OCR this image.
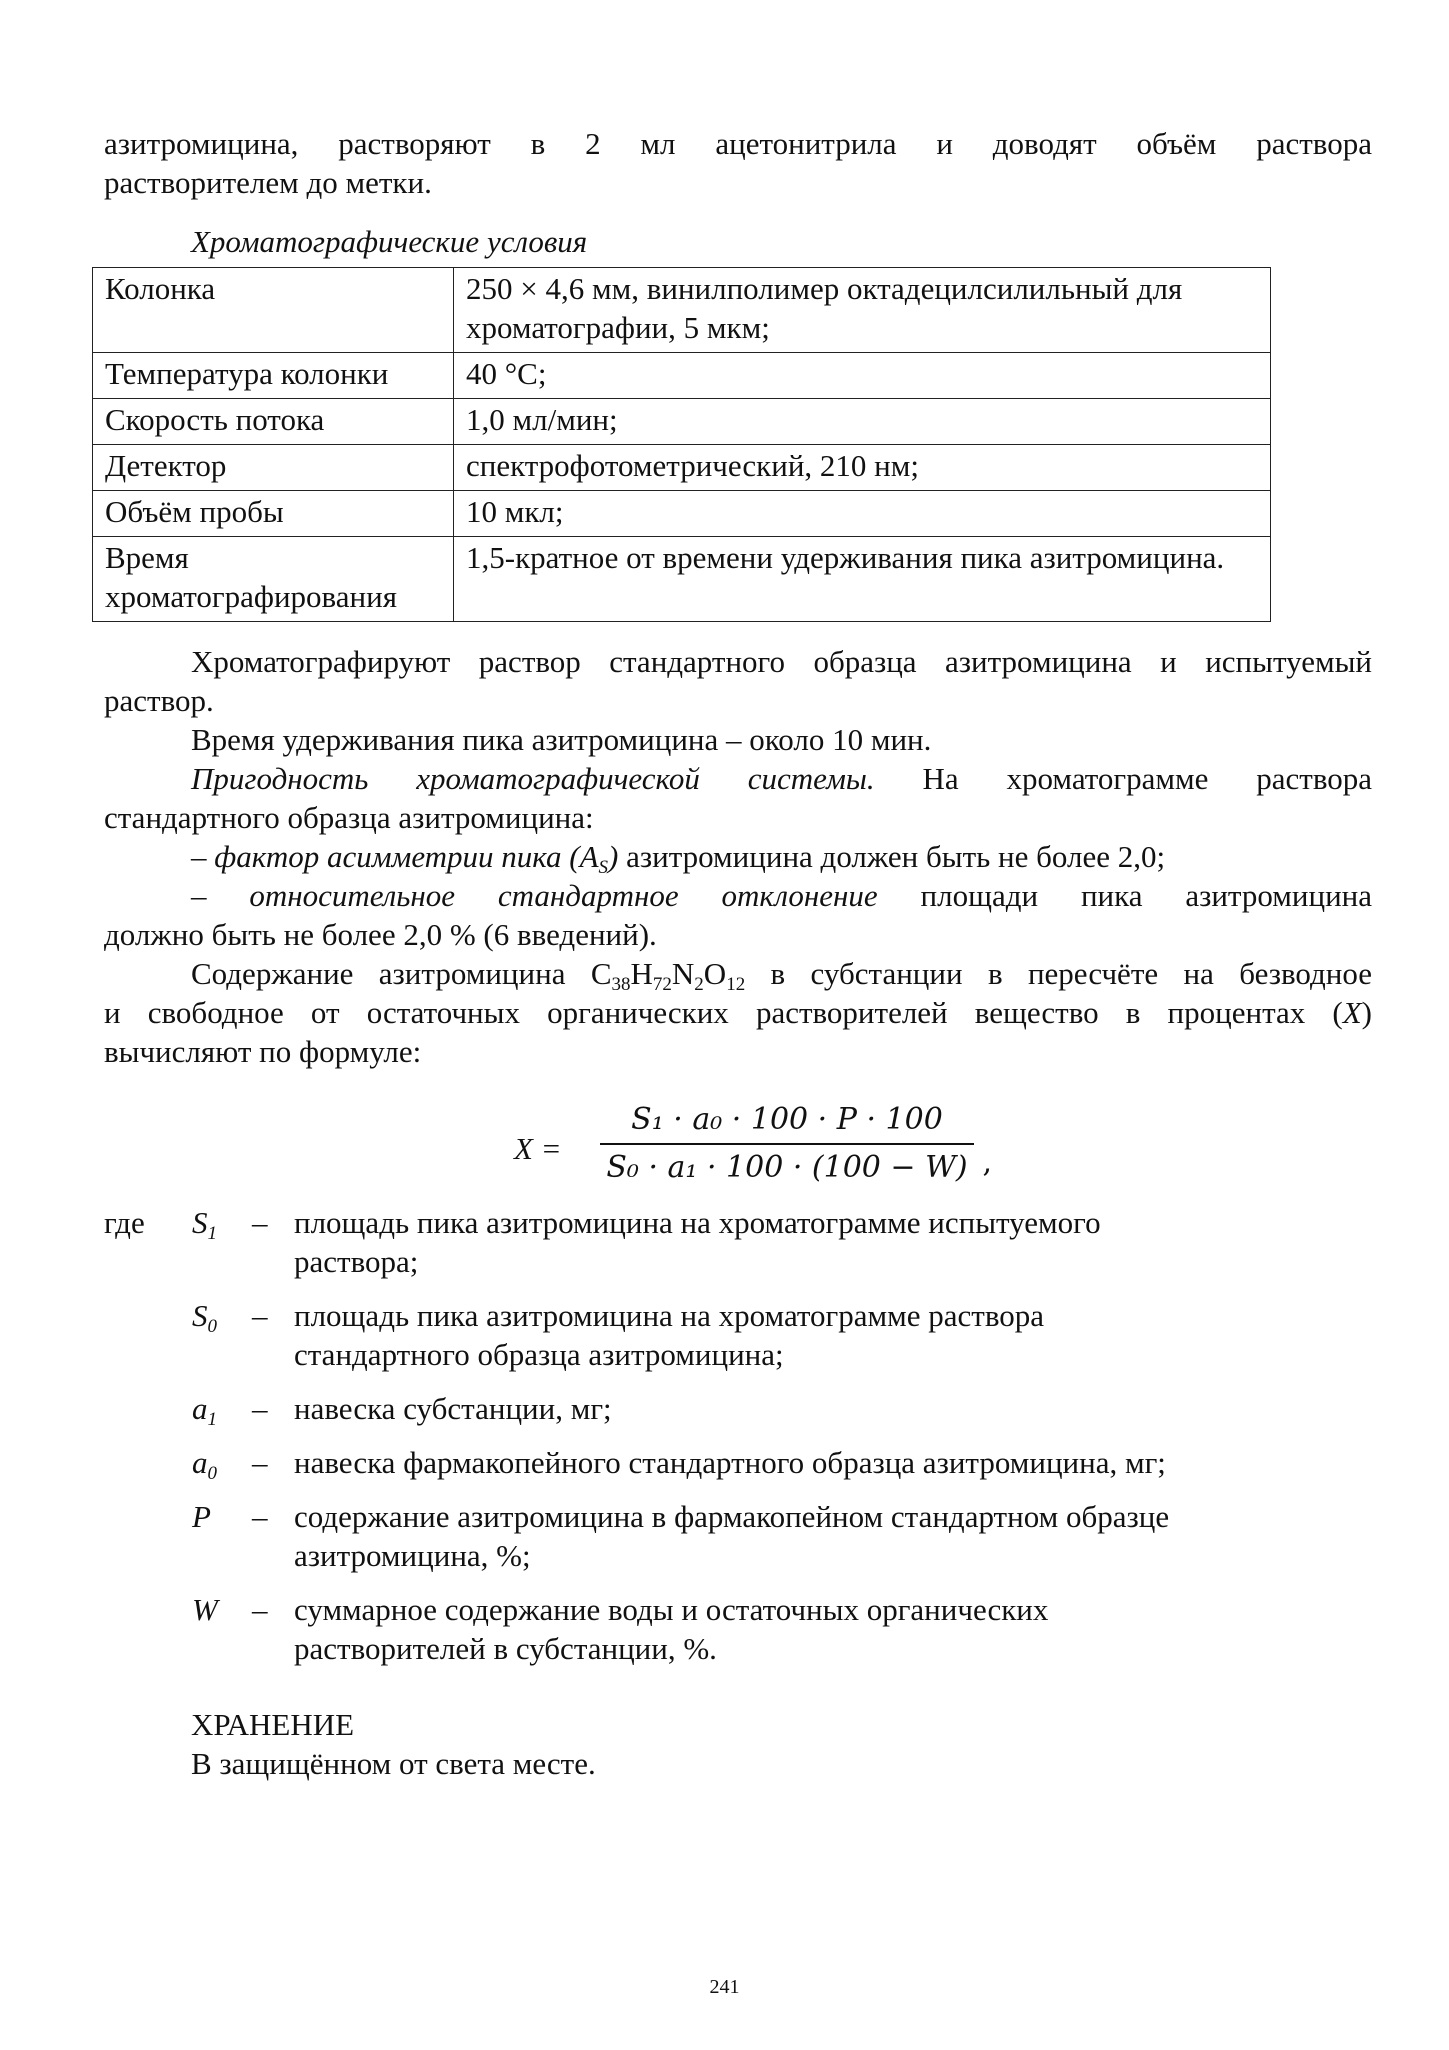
азитромицина, растворяют в 2 мл ацетонитрила и доводят объём раствора

растворителем до метки.

Хроматографические условия

Колонка	250 × 4,6 мм, винилполимер октадецилсилильный для хроматографии, 5 мкм;
Температура колонки	40 °C;
Скорость потока	1,0 мл/мин;
Детектор	спектрофотометрический, 210 нм;
Объём пробы	10 мкл;
Время хроматографирования	1,5-кратное от времени удерживания пика азитромицина.

Хроматографируют раствор стандартного образца азитромицина и испытуемый

раствор.

Время удерживания пика азитромицина – около 10 мин.

Пригодность хроматографической системы. На хроматограмме раствора

стандартного образца азитромицина:

– фактор асимметрии пика $(A_S)$ азитромицина должен быть не более 2,0;

– относительное стандартное отклонение площади пика азитромицина

должно быть не более 2,0 % (6 введений).

Содержание азитромицина $C_{38}H_{72}N_2O_{12}$ в субстанции в пересчёте на безводное

и свободное от остаточных органических растворителей вещество в процентах (X)

вычисляют по формуле:

X =
S₁ · a₀ · 100 · P · 100
S₀ · a₁ · 100 · (100 − W) ,
где	$S_1$	–	площадь пика азитромицина на хроматограмме испытуемого раствора;
	$S_0$	–	площадь пика азитромицина на хроматограмме раствора стандартного образца азитромицина;
	$a_1$	–	навеска субстанции, мг;
	$a_0$	–	навеска фармакопейного стандартного образца азитромицина, мг;
	P	–	содержание азитромицина в фармакопейном стандартном образце азитромицина, %;
	W	–	суммарное содержание воды и остаточных органических растворителей в субстанции, %.

ХРАНЕНИЕ

В защищённом от света месте.

241
